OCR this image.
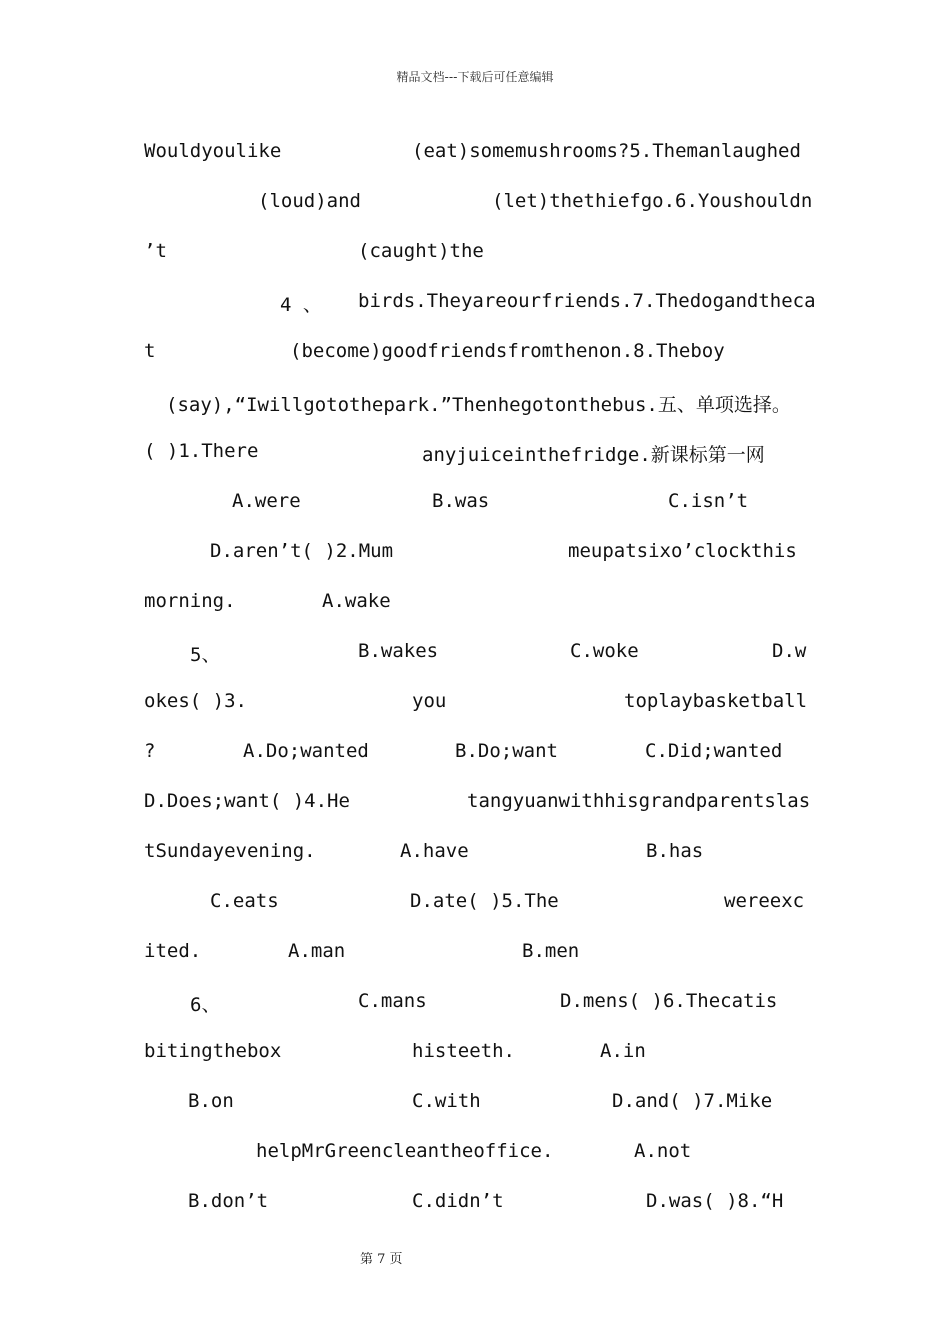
精品文档---下载后可任意编辑
Wouldyoulike	(eat)somemushrooms?5.Themanlaughed
(loud)and	(let)thethiefgo.6.Youshouldn
’t	(caught)the
4 、 birds.Theyareourfriends.7.Thedogandtheca
t	(become)goodfriendsfromthenon.8.Theboy
(say),“Iwillgotothepark.”Thenhegotonthebus.五、单项选择。
( )1.There	anyjuiceinthefridge.新课标第一网
A.were	B.was	C.isn’t
D.aren’t( )2.Mum	meupatsixo’clockthis
morning.	A.wake
5、	B.wakes	C.woke	D.w
okes( )3.	you	toplaybasketball
?	A.Do;wanted	B.Do;want	C.Did;wanted
D.Does;want( )4.He	tangyuanwithhisgrandparentslas
tSundayevening.	A.have	B.has
C.eats	D.ate( )5.The	wereexc
ited.	A.man	B.men
6、	C.mans	D.mens( )6.Thecatis
bitingthebox	histeeth.	A.in
B.on	C.with	D.and( )7.Mike
helpMrGreencleantheoffice.	A.not
B.don’t	C.didn’t	D.was( )8.“H
第 7 页
